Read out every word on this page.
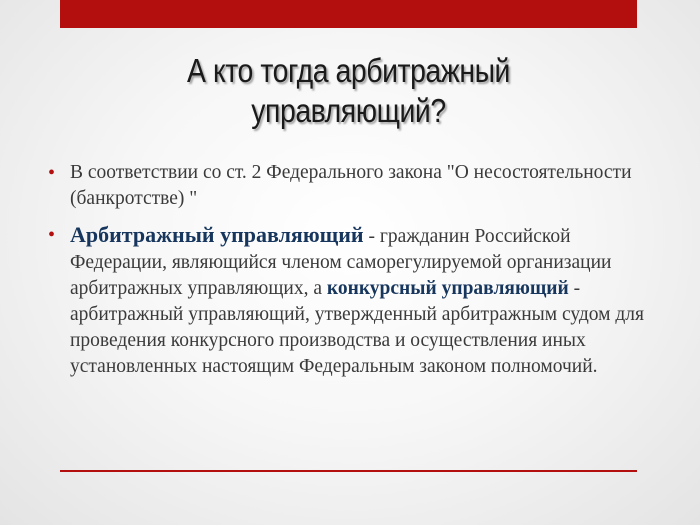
А кто тогда арбитражный
управляющий?
• В соответствии со ст. 2 Федерального закона "О несостоятельности (банкротстве) "
• Арбитражный управляющий - гражданин Российской Федерации, являющийся членом саморегулируемой организации арбитражных управляющих, а конкурсный управляющий - арбитражный управляющий, утвержденный арбитражным судом для проведения конкурсного производства и осуществления иных установленных настоящим Федеральным законом полномочий.
